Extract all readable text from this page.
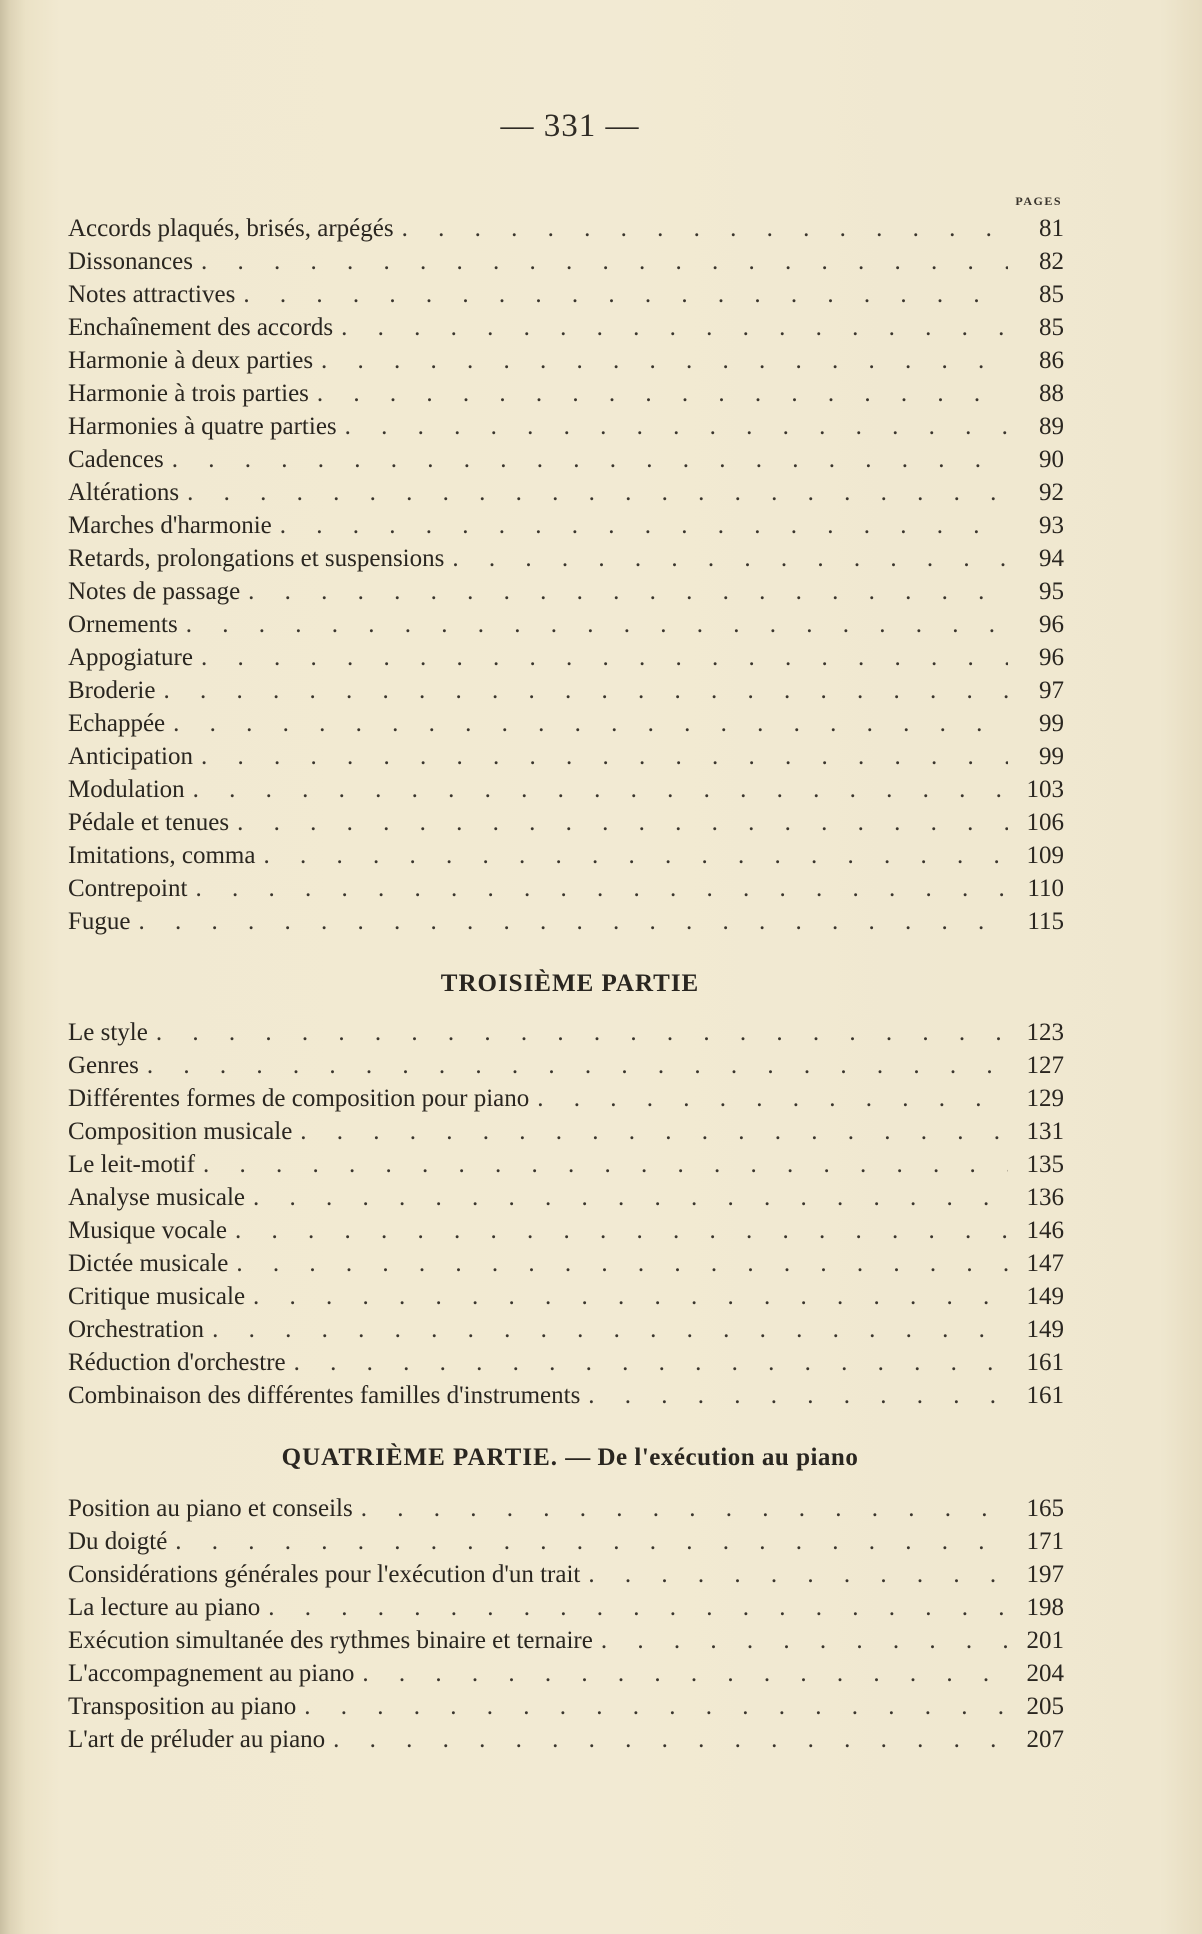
— 331 —
PAGES
Accords plaqués, brisés, arpégés . . .	81
Dissonances . . .	82
Notes attractives . . .	85
Enchaînement des accords . . .	85
Harmonie à deux parties . . .	86
Harmonie à trois parties . . .	88
Harmonies à quatre parties . . .	89
Cadences . . .	90
Altérations . . .	92
Marches d'harmonie . . .	93
Retards, prolongations et suspensions . . .	94
Notes de passage . . .	95
Ornements . . .	96
Appogiature . . .	96
Broderie . . .	97
Echappée . . .	99
Anticipation . . .	99
Modulation . . .	103
Pédale et tenues . . .	106
Imitations, comma . . .	109
Contrepoint . . .	110
Fugue . . .	115
TROISIÈME PARTIE
Le style . . .	123
Genres . . .	127
Différentes formes de composition pour piano . . .	129
Composition musicale . . .	131
Le leit-motif . . .	135
Analyse musicale . . .	136
Musique vocale . . .	146
Dictée musicale . . .	147
Critique musicale . . .	149
Orchestration . . .	149
Réduction d'orchestre . . .	161
Combinaison des différentes familles d'instruments . . .	161
QUATRIÈME PARTIE. — De l'exécution au piano
Position au piano et conseils . . .	165
Du doigté . . .	171
Considérations générales pour l'exécution d'un trait . . .	197
La lecture au piano . . .	198
Exécution simultanée des rythmes binaire et ternaire . . .	201
L'accompagnement au piano . . .	204
Transposition au piano . . .	205
L'art de préluder au piano . . .	207
